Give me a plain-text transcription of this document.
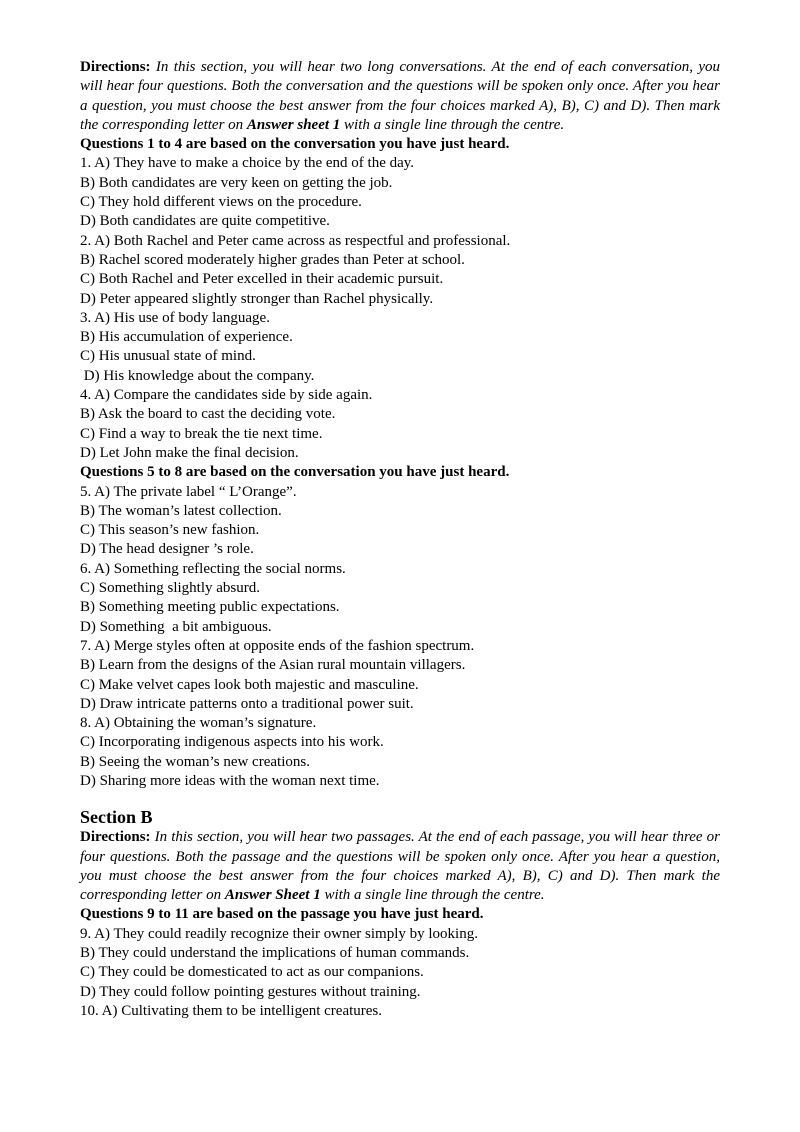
Directions: In this section, you will hear two long conversations. At the end of each conversation, you will hear four questions. Both the conversation and the questions will be spoken only once. After you hear a question, you must choose the best answer from the four choices marked A), B), C) and D). Then mark the corresponding letter on Answer sheet 1 with a single line through the centre.
Questions 1 to 4 are based on the conversation you have just heard.
1. A) They have to make a choice by the end of the day.
B) Both candidates are very keen on getting the job.
C) They hold different views on the procedure.
D) Both candidates are quite competitive.
2. A) Both Rachel and Peter came across as respectful and professional.
B) Rachel scored moderately higher grades than Peter at school.
C) Both Rachel and Peter excelled in their academic pursuit.
D) Peter appeared slightly stronger than Rachel physically.
3. A) His use of body language.
B) His accumulation of experience.
C) His unusual state of mind.
D) His knowledge about the company.
4. A) Compare the candidates side by side again.
B) Ask the board to cast the deciding vote.
C) Find a way to break the tie next time.
D) Let John make the final decision.
Questions 5 to 8 are based on the conversation you have just heard.
5. A) The private label “ L’Orange”.
B) The woman’s latest collection.
C) This season’s new fashion.
D) The head designer ’s role.
6. A) Something reflecting the social norms.
C) Something slightly absurd.
B) Something meeting public expectations.
D) Something  a bit ambiguous.
7. A) Merge styles often at opposite ends of the fashion spectrum.
B) Learn from the designs of the Asian rural mountain villagers.
C) Make velvet capes look both majestic and masculine.
D) Draw intricate patterns onto a traditional power suit.
8. A) Obtaining the woman’s signature.
C) Incorporating indigenous aspects into his work.
B) Seeing the woman’s new creations.
D) Sharing more ideas with the woman next time.
Section B
Directions: In this section, you will hear two passages. At the end of each passage, you will hear three or four questions. Both the passage and the questions will be spoken only once. After you hear a question, you must choose the best answer from the four choices marked A), B), C) and D). Then mark the corresponding letter on Answer Sheet 1 with a single line through the centre.
Questions 9 to 11 are based on the passage you have just heard.
9. A) They could readily recognize their owner simply by looking.
B) They could understand the implications of human commands.
C) They could be domesticated to act as our companions.
D) They could follow pointing gestures without training.
10. A) Cultivating them to be intelligent creatures.
